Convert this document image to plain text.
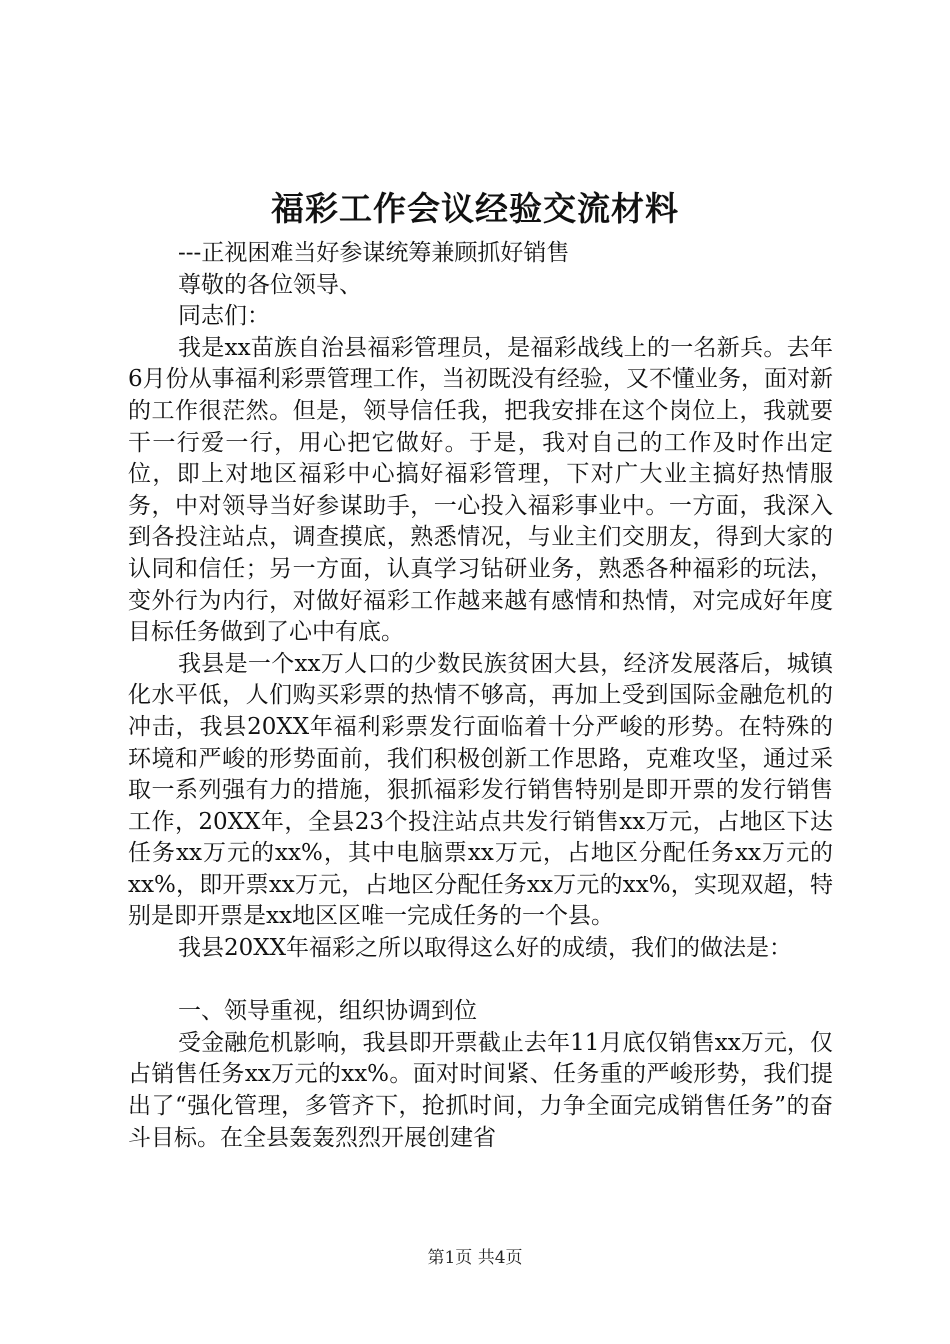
福彩工作会议经验交流材料
---正视困难当好参谋统筹兼顾抓好销售
尊敬的各位领导、
同志们：

我是xx苗族自治县福彩管理员，是福彩战线上的一名新兵。去年6月份从事福利彩票管理工作，当初既没有经验，又不懂业务，面对新的工作很茫然。但是，领导信任我，把我安排在这个岗位上，我就要干一行爱一行，用心把它做好。于是，我对自己的工作及时作出定位，即上对地区福彩中心搞好福彩管理，下对广大业主搞好热情服务，中对领导当好参谋助手，一心投入福彩事业中。一方面，我深入到各投注站点，调查摸底，熟悉情况，与业主们交朋友，得到大家的认同和信任；另一方面，认真学习钻研业务，熟悉各种福彩的玩法，变外行为内行，对做好福彩工作越来越有感情和热情，对完成好年度目标任务做到了心中有底。

我县是一个xx万人口的少数民族贫困大县，经济发展落后，城镇化水平低，人们购买彩票的热情不够高，再加上受到国际金融危机的冲击，我县20XX年福利彩票发行面临着十分严峻的形势。在特殊的环境和严峻的形势面前，我们积极创新工作思路，克难攻坚，通过采取一系列强有力的措施，狠抓福彩发行销售特别是即开票的发行销售工作，20XX年，全县23个投注站点共发行销售xx万元，占地区下达任务xx万元的xx%，其中电脑票xx万元，占地区分配任务xx万元的xx%，即开票xx万元，占地区分配任务xx万元的xx%，实现双超，特别是即开票是xx地区区唯一完成任务的一个县。

我县20XX年福彩之所以取得这么好的成绩，我们的做法是：

一、领导重视，组织协调到位

受金融危机影响，我县即开票截止去年11月底仅销售xx万元，仅占销售任务xx万元的xx%。面对时间紧、任务重的严峻形势，我们提出了“强化管理，多管齐下，抢抓时间，力争全面完成销售任务”的奋斗目标。在全县轰轰烈烈开展创建省

第1页 共4页
